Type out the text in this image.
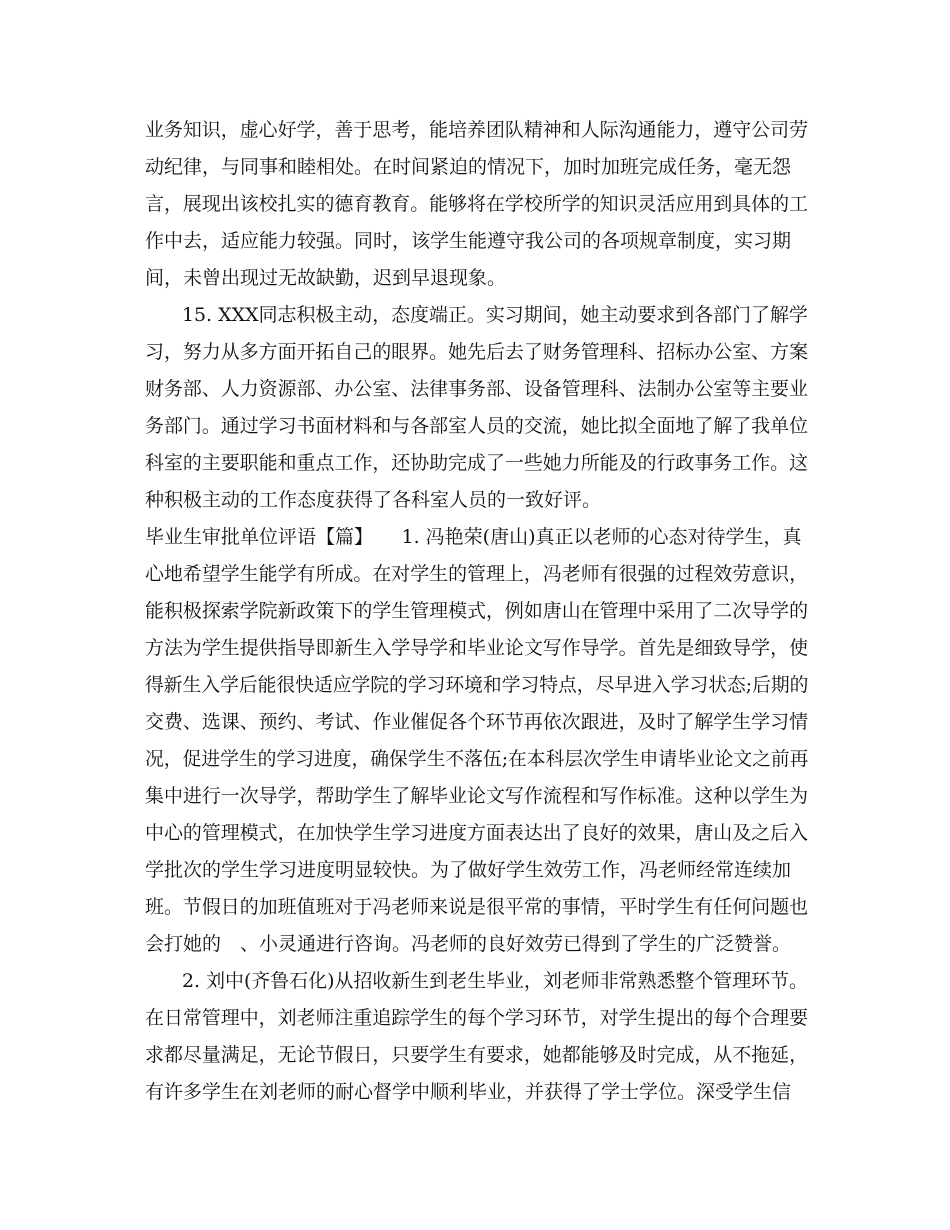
业务知识，虚心好学，善于思考，能培养团队精神和人际沟通能力，遵守公司劳
动纪律，与同事和睦相处。在时间紧迫的情况下，加时加班完成任务，毫无怨
言，展现出该校扎实的德育教育。能够将在学校所学的知识灵活应用到具体的工
作中去，适应能力较强。同时，该学生能遵守我公司的各项规章制度，实习期
间，未曾出现过无故缺勤，迟到早退现象。
15. XXX同志积极主动，态度端正。实习期间，她主动要求到各部门了解学
习，努力从多方面开拓自己的眼界。她先后去了财务管理科、招标办公室、方案
财务部、人力资源部、办公室、法律事务部、设备管理科、法制办公室等主要业
务部门。通过学习书面材料和与各部室人员的交流，她比拟全面地了解了我单位
科室的主要职能和重点工作，还协助完成了一些她力所能及的行政事务工作。这
种积极主动的工作态度获得了各科室人员的一致好评。
毕业生审批单位评语【篇】　　1. 冯艳荣(唐山)真正以老师的心态对待学生，真
心地希望学生能学有所成。在对学生的管理上，冯老师有很强的过程效劳意识，
能积极探索学院新政策下的学生管理模式，例如唐山在管理中采用了二次导学的
方法为学生提供指导即新生入学导学和毕业论文写作导学。首先是细致导学，使
得新生入学后能很快适应学院的学习环境和学习特点，尽早进入学习状态;后期的
交费、选课、预约、考试、作业催促各个环节再依次跟进，及时了解学生学习情
况，促进学生的学习进度，确保学生不落伍;在本科层次学生申请毕业论文之前再
集中进行一次导学，帮助学生了解毕业论文写作流程和写作标准。这种以学生为
中心的管理模式，在加快学生学习进度方面表达出了良好的效果，唐山及之后入
学批次的学生学习进度明显较快。为了做好学生效劳工作，冯老师经常连续加
班。节假日的加班值班对于冯老师来说是很平常的事情，平时学生有任何问题也
会打她的　、小灵通进行咨询。冯老师的良好效劳已得到了学生的广泛赞誉。
2. 刘中(齐鲁石化)从招收新生到老生毕业，刘老师非常熟悉整个管理环节。
在日常管理中，刘老师注重追踪学生的每个学习环节，对学生提出的每个合理要
求都尽量满足，无论节假日，只要学生有要求，她都能够及时完成，从不拖延，
有许多学生在刘老师的耐心督学中顺利毕业，并获得了学士学位。深受学生信
